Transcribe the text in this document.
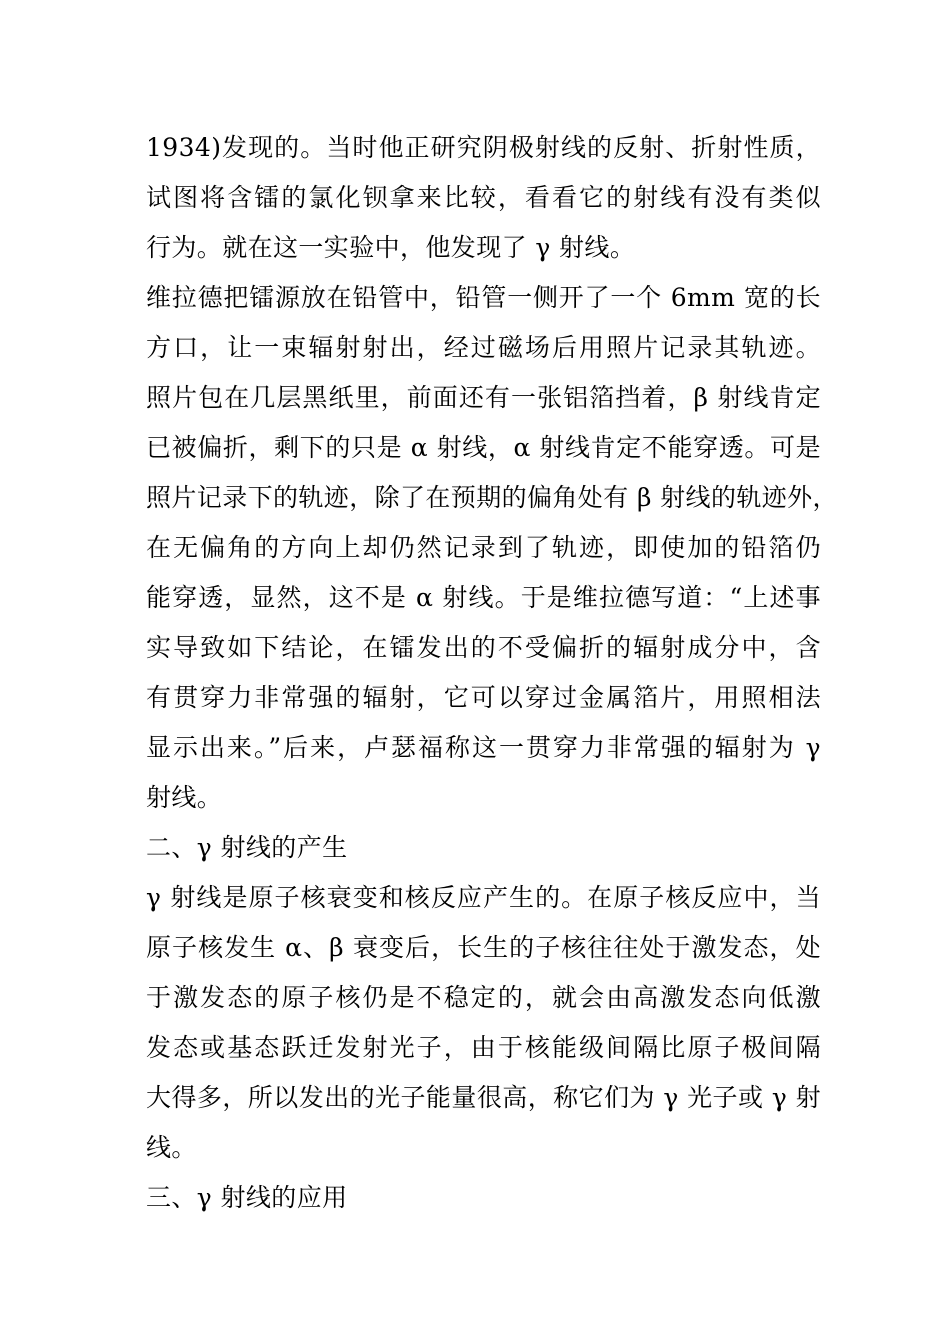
1934)发现的。当时他正研究阴极射线的反射、折射性质，
试图将含镭的氯化钡拿来比较，看看它的射线有没有类似
行为。就在这一实验中，他发现了 γ 射线。
维拉德把镭源放在铅管中，铅管一侧开了一个 6mm 宽的长
方口，让一束辐射射出，经过磁场后用照片记录其轨迹。
照片包在几层黑纸里，前面还有一张铝箔挡着，β 射线肯定
已被偏折，剩下的只是 α 射线，α 射线肯定不能穿透。可是
照片记录下的轨迹，除了在预期的偏角处有 β 射线的轨迹外，
在无偏角的方向上却仍然记录到了轨迹，即使加的铅箔仍
能穿透，显然，这不是 α 射线。于是维拉德写道：“上述事
实导致如下结论，在镭发出的不受偏折的辐射成分中，含
有贯穿力非常强的辐射，它可以穿过金属箔片，用照相法
显示出来。”后来，卢瑟福称这一贯穿力非常强的辐射为 γ
射线。
二、γ 射线的产生
γ 射线是原子核衰变和核反应产生的。在原子核反应中，当
原子核发生 α、β 衰变后，长生的子核往往处于激发态，处
于激发态的原子核仍是不稳定的，就会由高激发态向低激
发态或基态跃迁发射光子，由于核能级间隔比原子极间隔
大得多，所以发出的光子能量很高，称它们为 γ 光子或 γ 射
线。
三、γ 射线的应用
